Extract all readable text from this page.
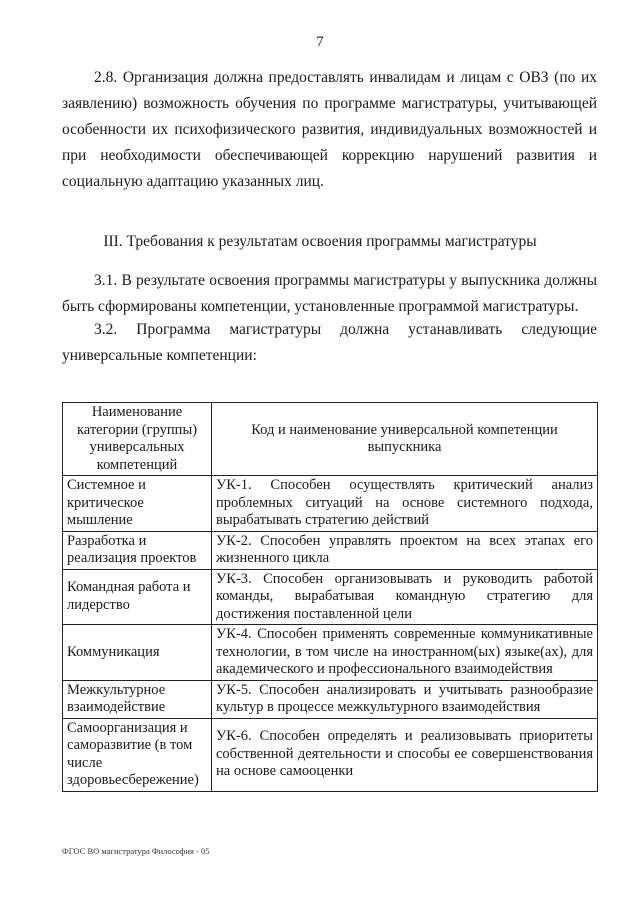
7

2.8. Организация должна предоставлять инвалидам и лицам с ОВЗ (по их заявлению) возможность обучения по программе магистратуры, учитывающей особенности их психофизического развития, индивидуальных возможностей и при необходимости обеспечивающей коррекцию нарушений развития и социальную адаптацию указанных лиц.

III. Требования к результатам освоения программы магистратуры

3.1. В результате освоения программы магистратуры у выпускника должны быть сформированы компетенции, установленные программой магистратуры.

3.2. Программа магистратуры должна устанавливать следующие универсальные компетенции:

Наименование категории (группы) универсальных компетенций	Код и наименование универсальной компетенции выпускника
Системное и критическое мышление	УК-1. Способен осуществлять критический анализ проблемных ситуаций на основе системного подхода, вырабатывать стратегию действий
Разработка и реализация проектов	УК-2. Способен управлять проектом на всех этапах его жизненного цикла
Командная работа и лидерство	УК-3. Способен организовывать и руководить работой команды, вырабатывая командную стратегию для достижения поставленной цели
Коммуникация	УК-4. Способен применять современные коммуникативные технологии, в том числе на иностранном(ых) языке(ах), для академического и профессионального взаимодействия
Межкультурное взаимодействие	УК-5. Способен анализировать и учитывать разнообразие культур в процессе межкультурного взаимодействия
Самоорганизация и саморазвитие (в том числе здоровьесбережение)	УК-6. Способен определять и реализовывать приоритеты собственной деятельности и способы ее совершенствования на основе самооценки
ФГОС ВО магистратура Философия - 05
